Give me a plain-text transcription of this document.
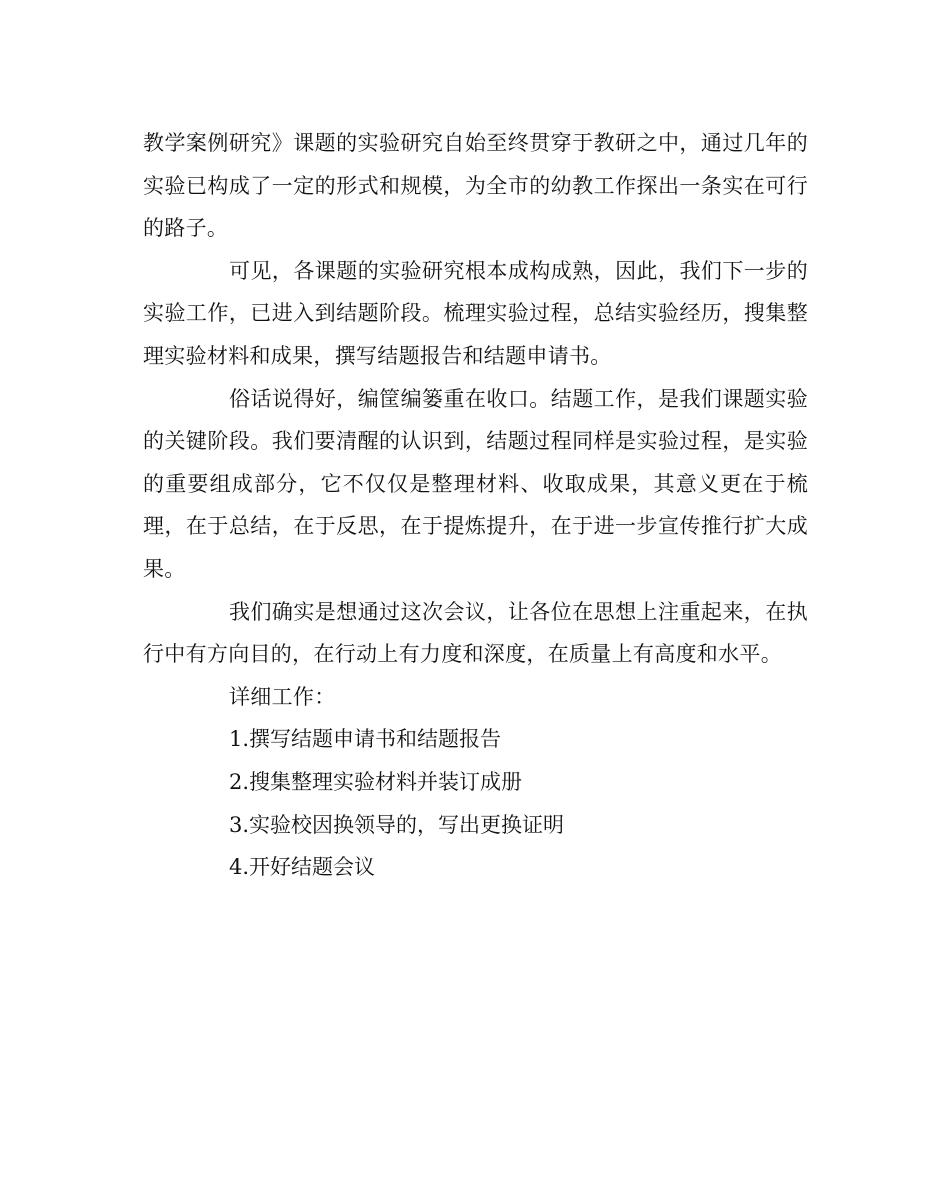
教学案例研究》课题的实验研究自始至终贯穿于教研之中，通过几年的实验已构成了一定的形式和规模，为全市的幼教工作探出一条实在可行的路子。

可见，各课题的实验研究根本成构成熟，因此，我们下一步的实验工作，已进入到结题阶段。梳理实验过程，总结实验经历，搜集整理实验材料和成果，撰写结题报告和结题申请书。

俗话说得好，编筐编篓重在收口。结题工作，是我们课题实验的关键阶段。我们要清醒的认识到，结题过程同样是实验过程，是实验的重要组成部分，它不仅仅是整理材料、收取成果，其意义更在于梳理，在于总结，在于反思，在于提炼提升，在于进一步宣传推行扩大成果。

我们确实是想通过这次会议，让各位在思想上注重起来，在执行中有方向目的，在行动上有力度和深度，在质量上有高度和水平。

详细工作：

1.撰写结题申请书和结题报告

2.搜集整理实验材料并装订成册

3.实验校因换领导的，写出更换证明

4.开好结题会议
